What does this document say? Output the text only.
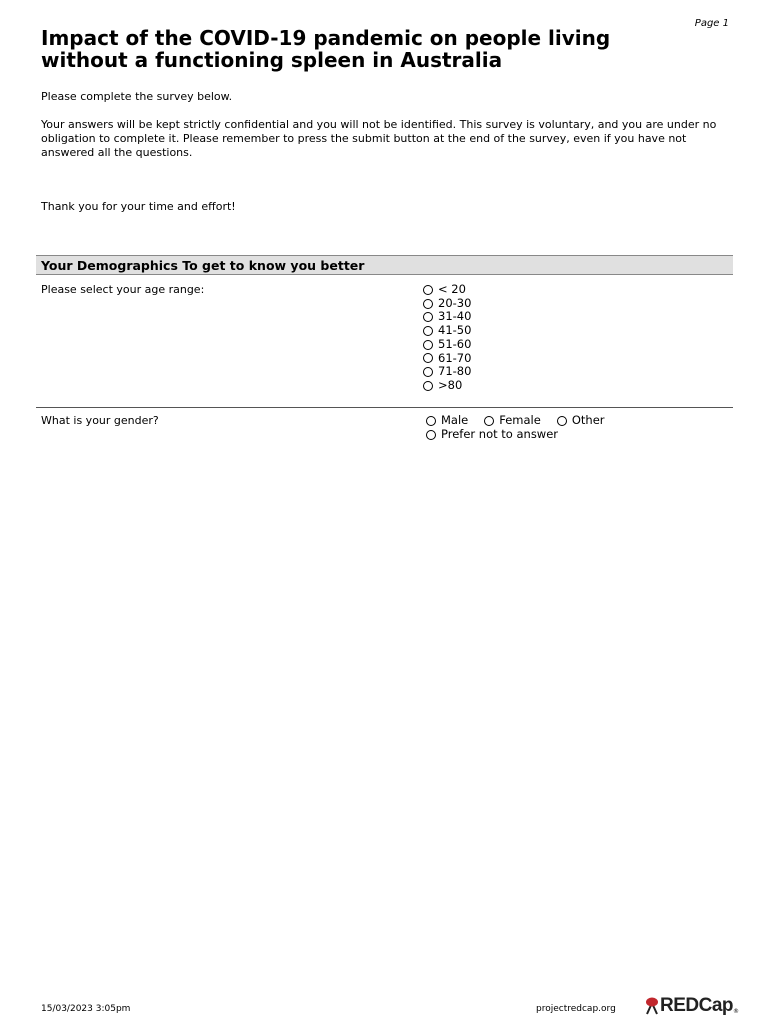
Page 1
Impact of the COVID-19 pandemic on people living without a functioning spleen in Australia

Please complete the survey below.

Your answers will be kept strictly confidential and you will not be identified. This survey is voluntary, and you are under no obligation to complete it. Please remember to press the submit button at the end of the survey, even if you have not answered all the questions.

Thank you for your time and effort!

Your Demographics To get to know you better
Please select your age range:	< 20
20-30
31-40
41-50
51-60
61-70
71-80
>80
What is your gender?	Male	Female	Other
Prefer not to answer
15/03/2023 3:05pm	projectredcap.org REDCap ®
